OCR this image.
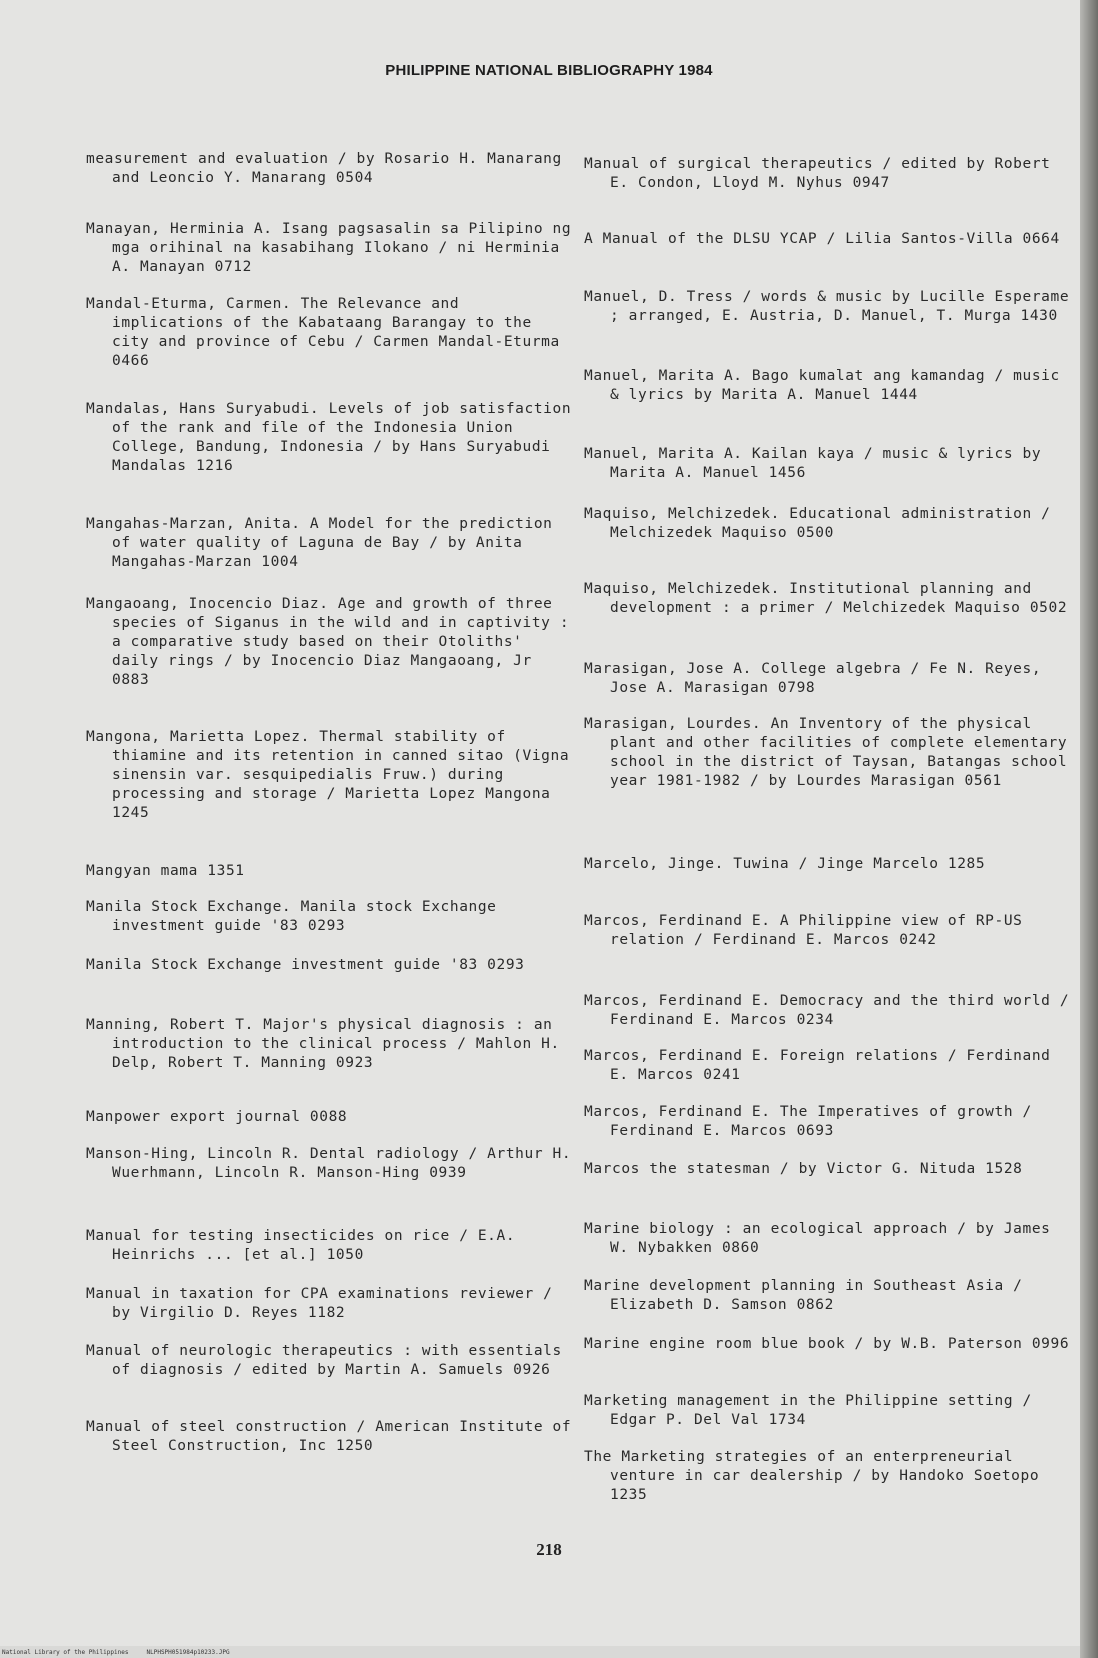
PHILIPPINE NATIONAL BIBLIOGRAPHY 1984
measurement and evaluation / by Rosario H. Manarang and Leoncio Y. Manarang 0504
Manayan, Herminia A. Isang pagsasalin sa Pilipino ng mga orihinal na kasabihang Ilokano / ni Herminia A. Manayan 0712
Mandal-Eturma, Carmen. The Relevance and implications of the Kabataang Barangay to the city and province of Cebu / Carmen Mandal-Eturma 0466
Mandalas, Hans Suryabudi. Levels of job satisfaction of the rank and file of the Indonesia Union College, Bandung, Indonesia / by Hans Suryabudi Mandalas 1216
Mangahas-Marzan, Anita. A Model for the prediction of water quality of Laguna de Bay / by Anita Mangahas-Marzan 1004
Mangaoang, Inocencio Diaz. Age and growth of three species of Siganus in the wild and in captivity : a comparative study based on their Otoliths' daily rings / by Inocencio Diaz Mangaoang, Jr 0883
Mangona, Marietta Lopez. Thermal stability of thiamine and its retention in canned sitao (Vigna sinensin var. sesquipedialis Fruw.) during processing and storage / Marietta Lopez Mangona 1245
Mangyan mama 1351
Manila Stock Exchange. Manila stock Exchange investment guide '83 0293
Manila Stock Exchange investment guide '83 0293
Manning, Robert T. Major's physical diagnosis : an introduction to the clinical process / Mahlon H. Delp, Robert T. Manning 0923
Manpower export journal 0088
Manson-Hing, Lincoln R. Dental radiology / Arthur H. Wuerhmann, Lincoln R. Manson-Hing 0939
Manual for testing insecticides on rice / E.A. Heinrichs ... [et al.] 1050
Manual in taxation for CPA examinations reviewer / by Virgilio D. Reyes 1182
Manual of neurologic therapeutics : with essentials of diagnosis / edited by Martin A. Samuels 0926
Manual of steel construction / American Institute of Steel Construction, Inc 1250
Manual of surgical therapeutics / edited by Robert E. Condon, Lloyd M. Nyhus 0947
A Manual of the DLSU YCAP / Lilia Santos-Villa 0664
Manuel, D. Tress / words & music by Lucille Esperame ; arranged, E. Austria, D. Manuel, T. Murga 1430
Manuel, Marita A. Bago kumalat ang kamandag / music & lyrics by Marita A. Manuel 1444
Manuel, Marita A. Kailan kaya / music & lyrics by Marita A. Manuel 1456
Maquiso, Melchizedek. Educational administration / Melchizedek Maquiso 0500
Maquiso, Melchizedek. Institutional planning and development : a primer / Melchizedek Maquiso 0502
Marasigan, Jose A. College algebra / Fe N. Reyes, Jose A. Marasigan 0798
Marasigan, Lourdes. An Inventory of the physical plant and other facilities of complete elementary school in the district of Taysan, Batangas school year 1981-1982 / by Lourdes Marasigan 0561
Marcelo, Jinge. Tuwina / Jinge Marcelo 1285
Marcos, Ferdinand E. A Philippine view of RP-US relation / Ferdinand E. Marcos 0242
Marcos, Ferdinand E. Democracy and the third world / Ferdinand E. Marcos 0234
Marcos, Ferdinand E. Foreign relations / Ferdinand E. Marcos 0241
Marcos, Ferdinand E. The Imperatives of growth / Ferdinand E. Marcos 0693
Marcos the statesman / by Victor G. Nituda 1528
Marine biology : an ecological approach / by James W. Nybakken 0860
Marine development planning in Southeast Asia / Elizabeth D. Samson 0862
Marine engine room blue book / by W.B. Paterson 0996
Marketing management in the Philippine setting / Edgar P. Del Val 1734
The Marketing strategies of an enterpreneurial venture in car dealership / by Handoko Soetopo 1235
218
National Library of the Philippines     NLPHSPH051984p10233.JPG
